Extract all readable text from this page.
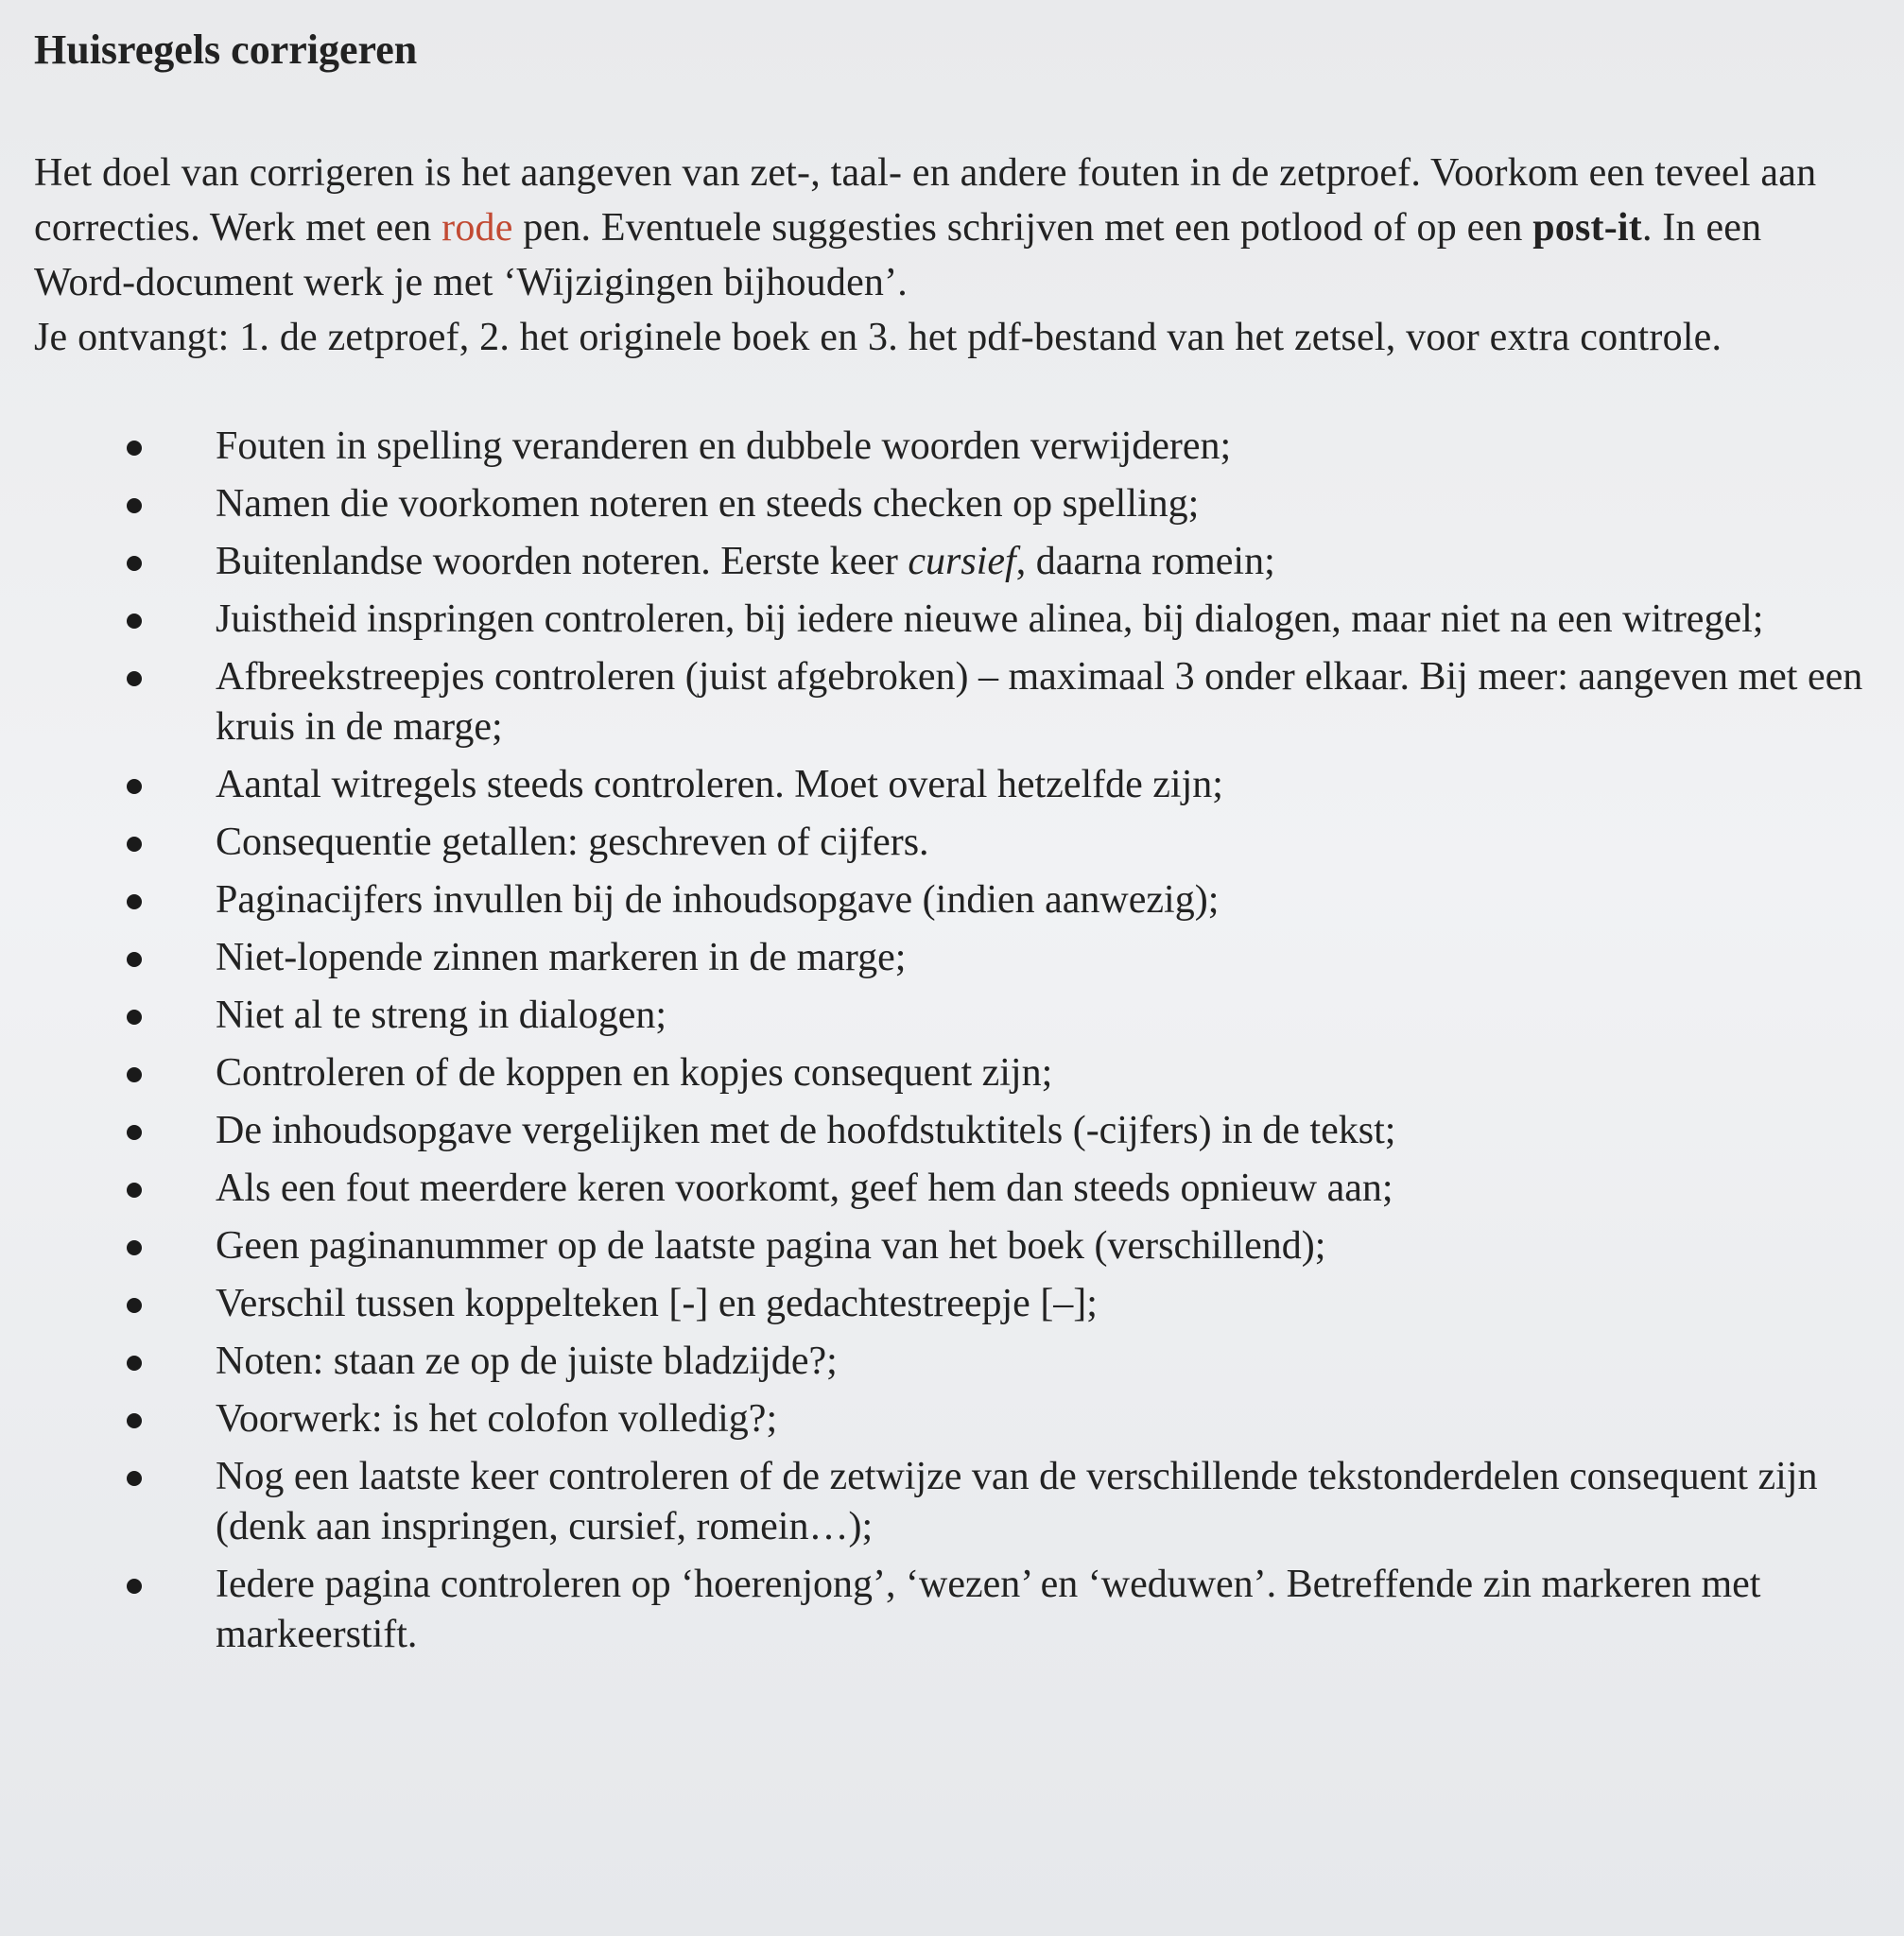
Huisregels corrigeren
Het doel van corrigeren is het aangeven van zet-, taal- en andere fouten in de zetproef. Voorkom een teveel aan correcties. Werk met een rode pen. Eventuele suggesties schrijven met een potlood of op een post-it. In een Word-document werk je met ‘Wijzigingen bijhouden’.
Je ontvangt: 1. de zetproef, 2. het originele boek en 3. het pdf-bestand van het zetsel, voor extra controle.
Fouten in spelling veranderen en dubbele woorden verwijderen;
Namen die voorkomen noteren en steeds checken op spelling;
Buitenlandse woorden noteren. Eerste keer cursief, daarna romein;
Juistheid inspringen controleren, bij iedere nieuwe alinea, bij dialogen, maar niet na een witregel;
Afbreekstreepjes controleren (juist afgebroken) – maximaal 3 onder elkaar. Bij meer: aangeven met een kruis in de marge;
Aantal witregels steeds controleren. Moet overal hetzelfde zijn;
Consequentie getallen: geschreven of cijfers.
Paginacijfers invullen bij de inhoudsopgave (indien aanwezig);
Niet-lopende zinnen markeren in de marge;
Niet al te streng in dialogen;
Controleren of de koppen en kopjes consequent zijn;
De inhoudsopgave vergelijken met de hoofdstuktitels (-cijfers) in de tekst;
Als een fout meerdere keren voorkomt, geef hem dan steeds opnieuw aan;
Geen paginanummer op de laatste pagina van het boek (verschillend);
Verschil tussen koppelteken [-] en gedachtestreepje [–];
Noten: staan ze op de juiste bladzijde?;
Voorwerk: is het colofon volledig?;
Nog een laatste keer controleren of de zetwijze van de verschillende tekstonderdelen consequent zijn (denk aan inspringen, cursief, romein…);
Iedere pagina controleren op ‘hoerenjong’, ‘wezen’ en ‘weduwen’. Betreffende zin markeren met markeerstift.
